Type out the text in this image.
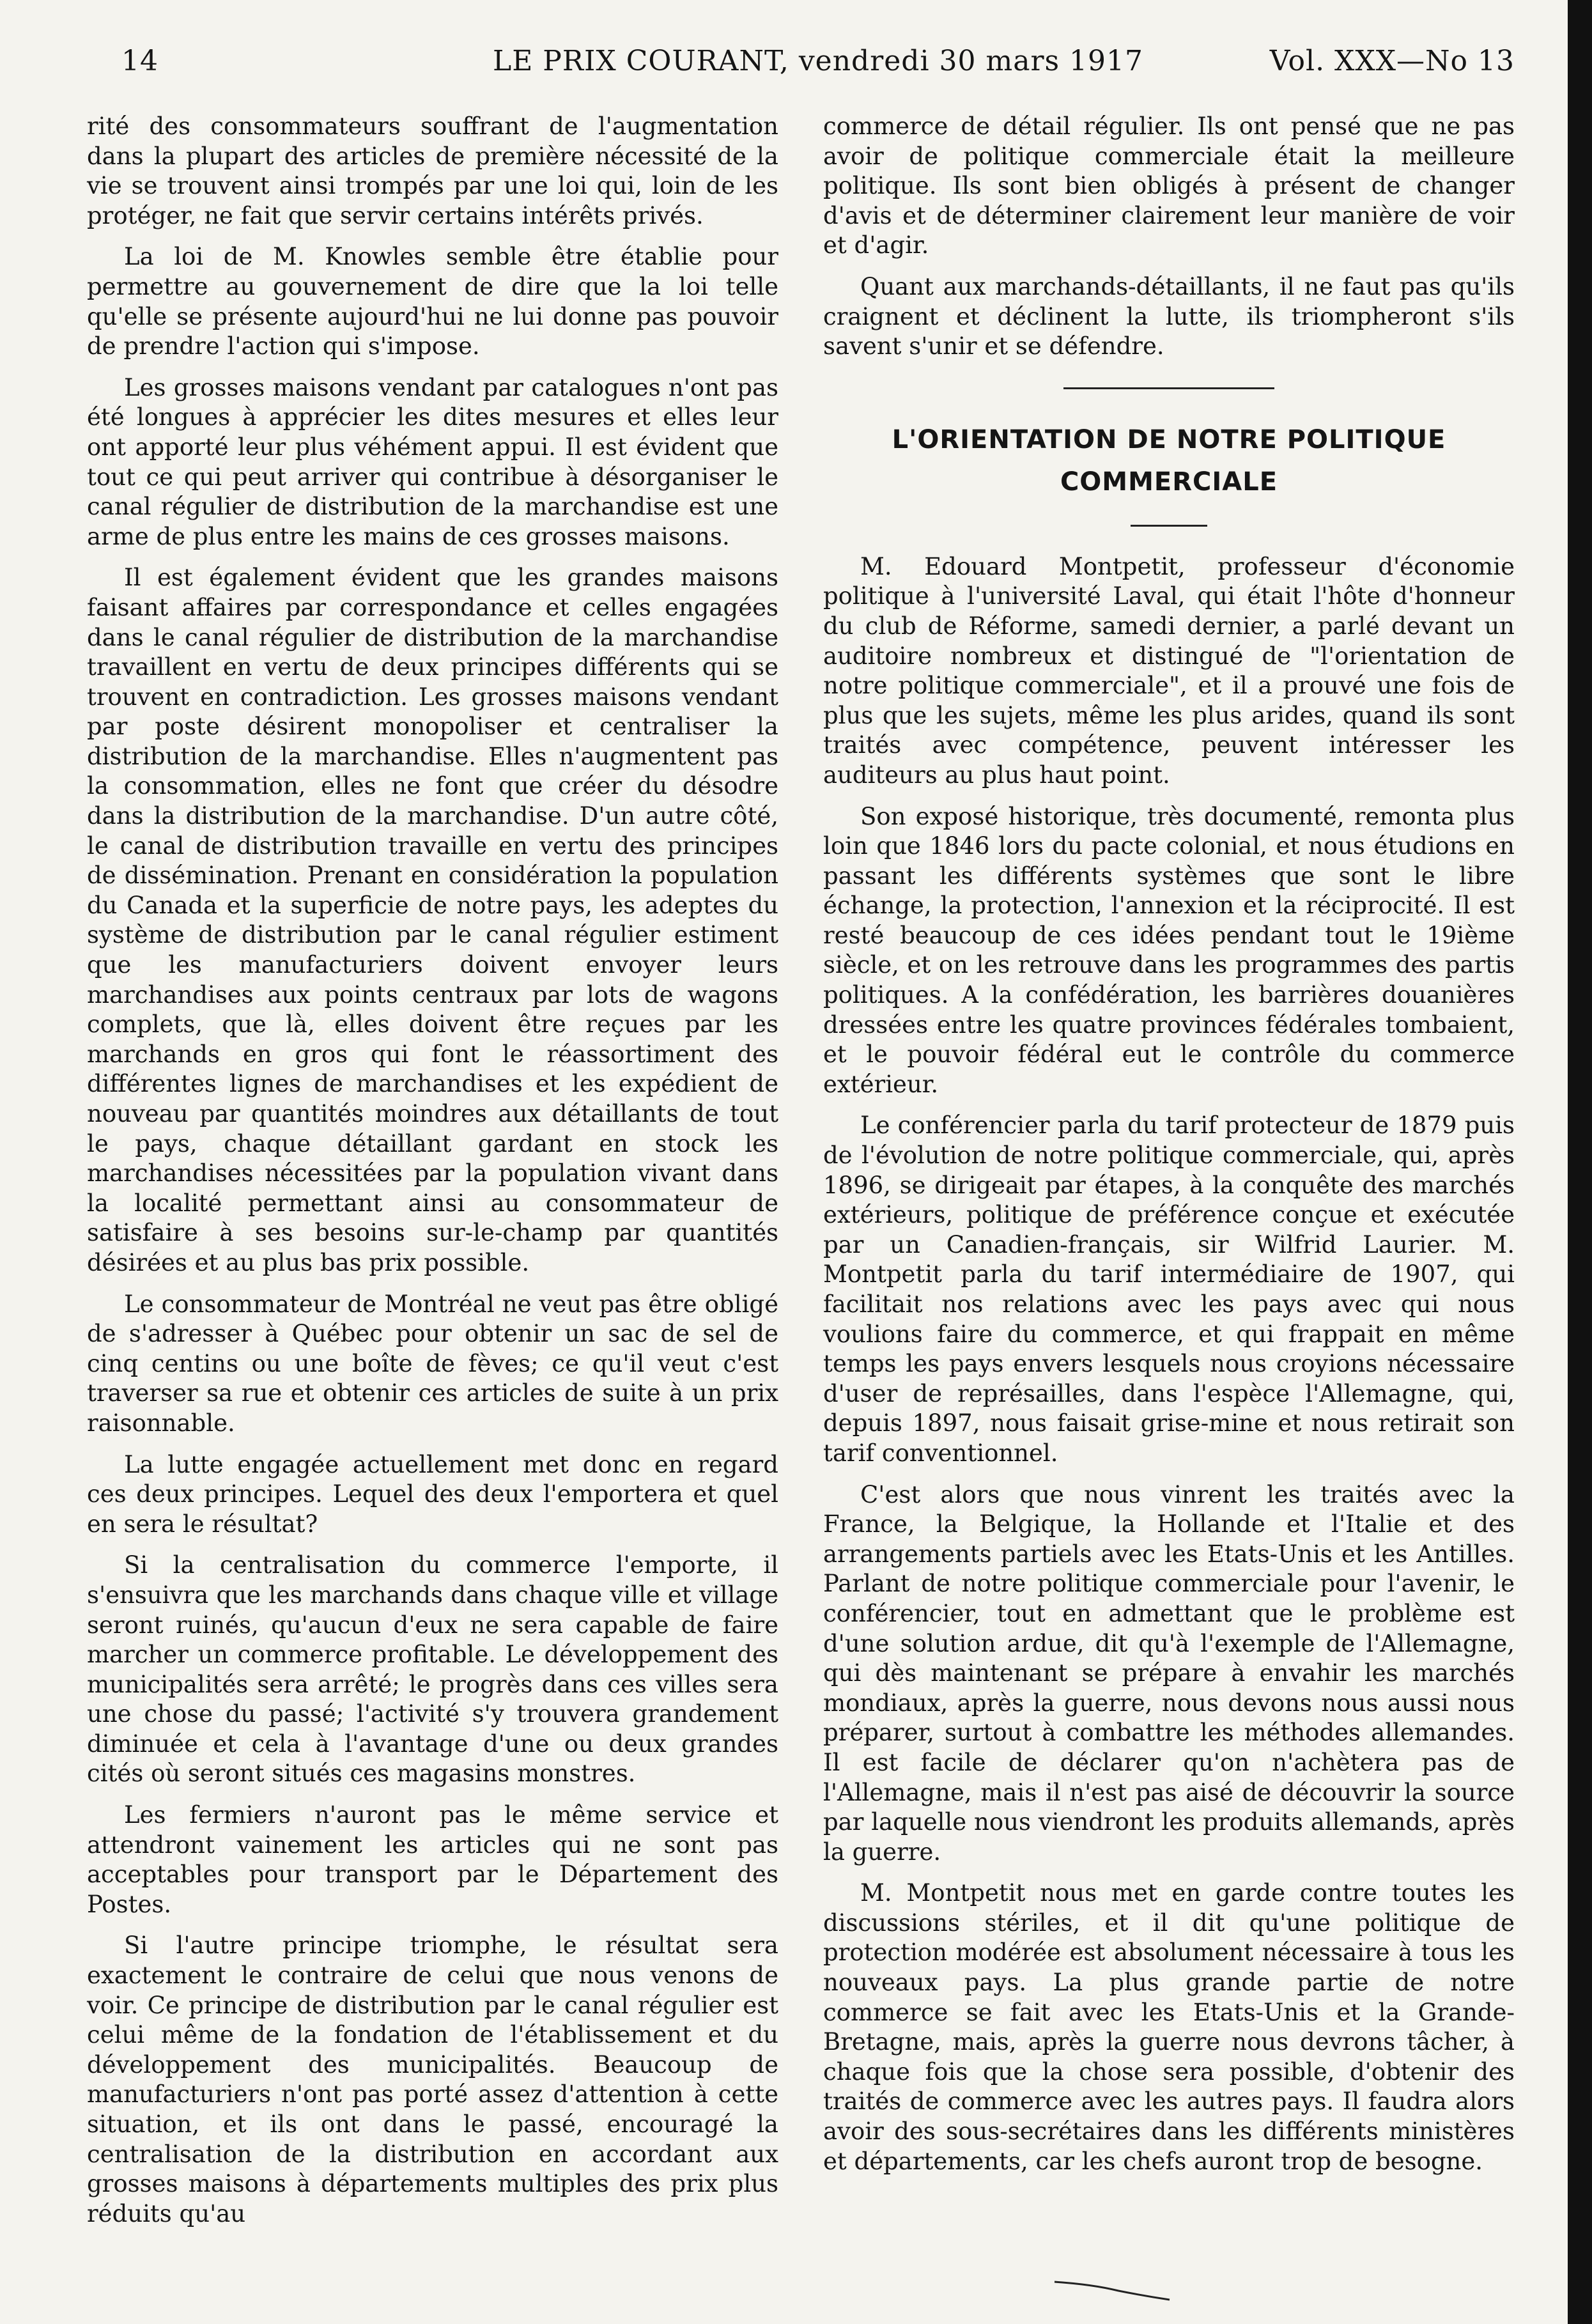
14	LE PRIX COURANT, vendredi 30 mars 1917	Vol. XXX—No 13

rité des consommateurs souffrant de l'augmentation dans la plupart des articles de première nécessité de la vie se trouvent ainsi trompés par une loi qui, loin de les protéger, ne fait que servir certains intérêts privés.

La loi de M. Knowles semble être établie pour permettre au gouvernement de dire que la loi telle qu'elle se présente aujourd'hui ne lui donne pas pouvoir de prendre l'action qui s'impose.

Les grosses maisons vendant par catalogues n'ont pas été longues à apprécier les dites mesures et elles leur ont apporté leur plus véhément appui. Il est évident que tout ce qui peut arriver qui contribue à désorganiser le canal régulier de distribution de la marchandise est une arme de plus entre les mains de ces grosses maisons.

Il est également évident que les grandes maisons faisant affaires par correspondance et celles engagées dans le canal régulier de distribution de la marchandise travaillent en vertu de deux principes différents qui se trouvent en contradiction. Les grosses maisons vendant par poste désirent monopoliser et centraliser la distribution de la marchandise. Elles n'augmentent pas la consommation, elles ne font que créer du désodre dans la distribution de la marchandise. D'un autre côté, le canal de distribution travaille en vertu des principes de dissémination. Prenant en considération la population du Canada et la superficie de notre pays, les adeptes du système de distribution par le canal régulier estiment que les manufacturiers doivent envoyer leurs marchandises aux points centraux par lots de wagons complets, que là, elles doivent être reçues par les marchands en gros qui font le réassortiment des différentes lignes de marchandises et les expédient de nouveau par quantités moindres aux détaillants de tout le pays, chaque détaillant gardant en stock les marchandises nécessitées par la population vivant dans la localité permettant ainsi au consommateur de satisfaire à ses besoins sur-le-champ par quantités désirées et au plus bas prix possible.

Le consommateur de Montréal ne veut pas être obligé de s'adresser à Québec pour obtenir un sac de sel de cinq centins ou une boîte de fèves; ce qu'il veut c'est traverser sa rue et obtenir ces articles de suite à un prix raisonnable.

La lutte engagée actuellement met donc en regard ces deux principes. Lequel des deux l'emportera et quel en sera le résultat?

Si la centralisation du commerce l'emporte, il s'ensuivra que les marchands dans chaque ville et village seront ruinés, qu'aucun d'eux ne sera capable de faire marcher un commerce profitable. Le développement des municipalités sera arrêté; le progrès dans ces villes sera une chose du passé; l'activité s'y trouvera grandement diminuée et cela à l'avantage d'une ou deux grandes cités où seront situés ces magasins monstres.

Les fermiers n'auront pas le même service et attendront vainement les articles qui ne sont pas acceptables pour transport par le Département des Postes.

Si l'autre principe triomphe, le résultat sera exactement le contraire de celui que nous venons de voir. Ce principe de distribution par le canal régulier est celui même de la fondation de l'établissement et du développement des municipalités. Beaucoup de manufacturiers n'ont pas porté assez d'attention à cette situation, et ils ont dans le passé, encouragé la centralisation de la distribution en accordant aux grosses maisons à départements multiples des prix plus réduits qu'au

commerce de détail régulier. Ils ont pensé que ne pas avoir de politique commerciale était la meilleure politique. Ils sont bien obligés à présent de changer d'avis et de déterminer clairement leur manière de voir et d'agir.

Quant aux marchands-détaillants, il ne faut pas qu'ils craignent et déclinent la lutte, ils triompheront s'ils savent s'unir et se défendre.

L'ORIENTATION DE NOTRE POLITIQUE
COMMERCIALE

M. Edouard Montpetit, professeur d'économie politique à l'université Laval, qui était l'hôte d'honneur du club de Réforme, samedi dernier, a parlé devant un auditoire nombreux et distingué de "l'orientation de notre politique commerciale", et il a prouvé une fois de plus que les sujets, même les plus arides, quand ils sont traités avec compétence, peuvent intéresser les auditeurs au plus haut point.

Son exposé historique, très documenté, remonta plus loin que 1846 lors du pacte colonial, et nous étudions en passant les différents systèmes que sont le libre échange, la protection, l'annexion et la réciprocité. Il est resté beaucoup de ces idées pendant tout le 19ième siècle, et on les retrouve dans les programmes des partis politiques. A la confédération, les barrières douanières dressées entre les quatre provinces fédérales tombaient, et le pouvoir fédéral eut le contrôle du commerce extérieur.

Le conférencier parla du tarif protecteur de 1879 puis de l'évolution de notre politique commerciale, qui, après 1896, se dirigeait par étapes, à la conquête des marchés extérieurs, politique de préférence conçue et exécutée par un Canadien-français, sir Wilfrid Laurier. M. Montpetit parla du tarif intermédiaire de 1907, qui facilitait nos relations avec les pays avec qui nous voulions faire du commerce, et qui frappait en même temps les pays envers lesquels nous croyions nécessaire d'user de représailles, dans l'espèce l'Allemagne, qui, depuis 1897, nous faisait grise-mine et nous retirait son tarif conventionnel.

C'est alors que nous vinrent les traités avec la France, la Belgique, la Hollande et l'Italie et des arrangements partiels avec les Etats-Unis et les Antilles. Parlant de notre politique commerciale pour l'avenir, le conférencier, tout en admettant que le problème est d'une solution ardue, dit qu'à l'exemple de l'Allemagne, qui dès maintenant se prépare à envahir les marchés mondiaux, après la guerre, nous devons nous aussi nous préparer, surtout à combattre les méthodes allemandes. Il est facile de déclarer qu'on n'achètera pas de l'Allemagne, mais il n'est pas aisé de découvrir la source par laquelle nous viendront les produits allemands, après la guerre.

M. Montpetit nous met en garde contre toutes les discussions stériles, et il dit qu'une politique de protection modérée est absolument nécessaire à tous les nouveaux pays. La plus grande partie de notre commerce se fait avec les Etats-Unis et la Grande-Bretagne, mais, après la guerre nous devrons tâcher, à chaque fois que la chose sera possible, d'obtenir des traités de commerce avec les autres pays. Il faudra alors avoir des sous-secrétaires dans les différents ministères et départements, car les chefs auront trop de besogne.
